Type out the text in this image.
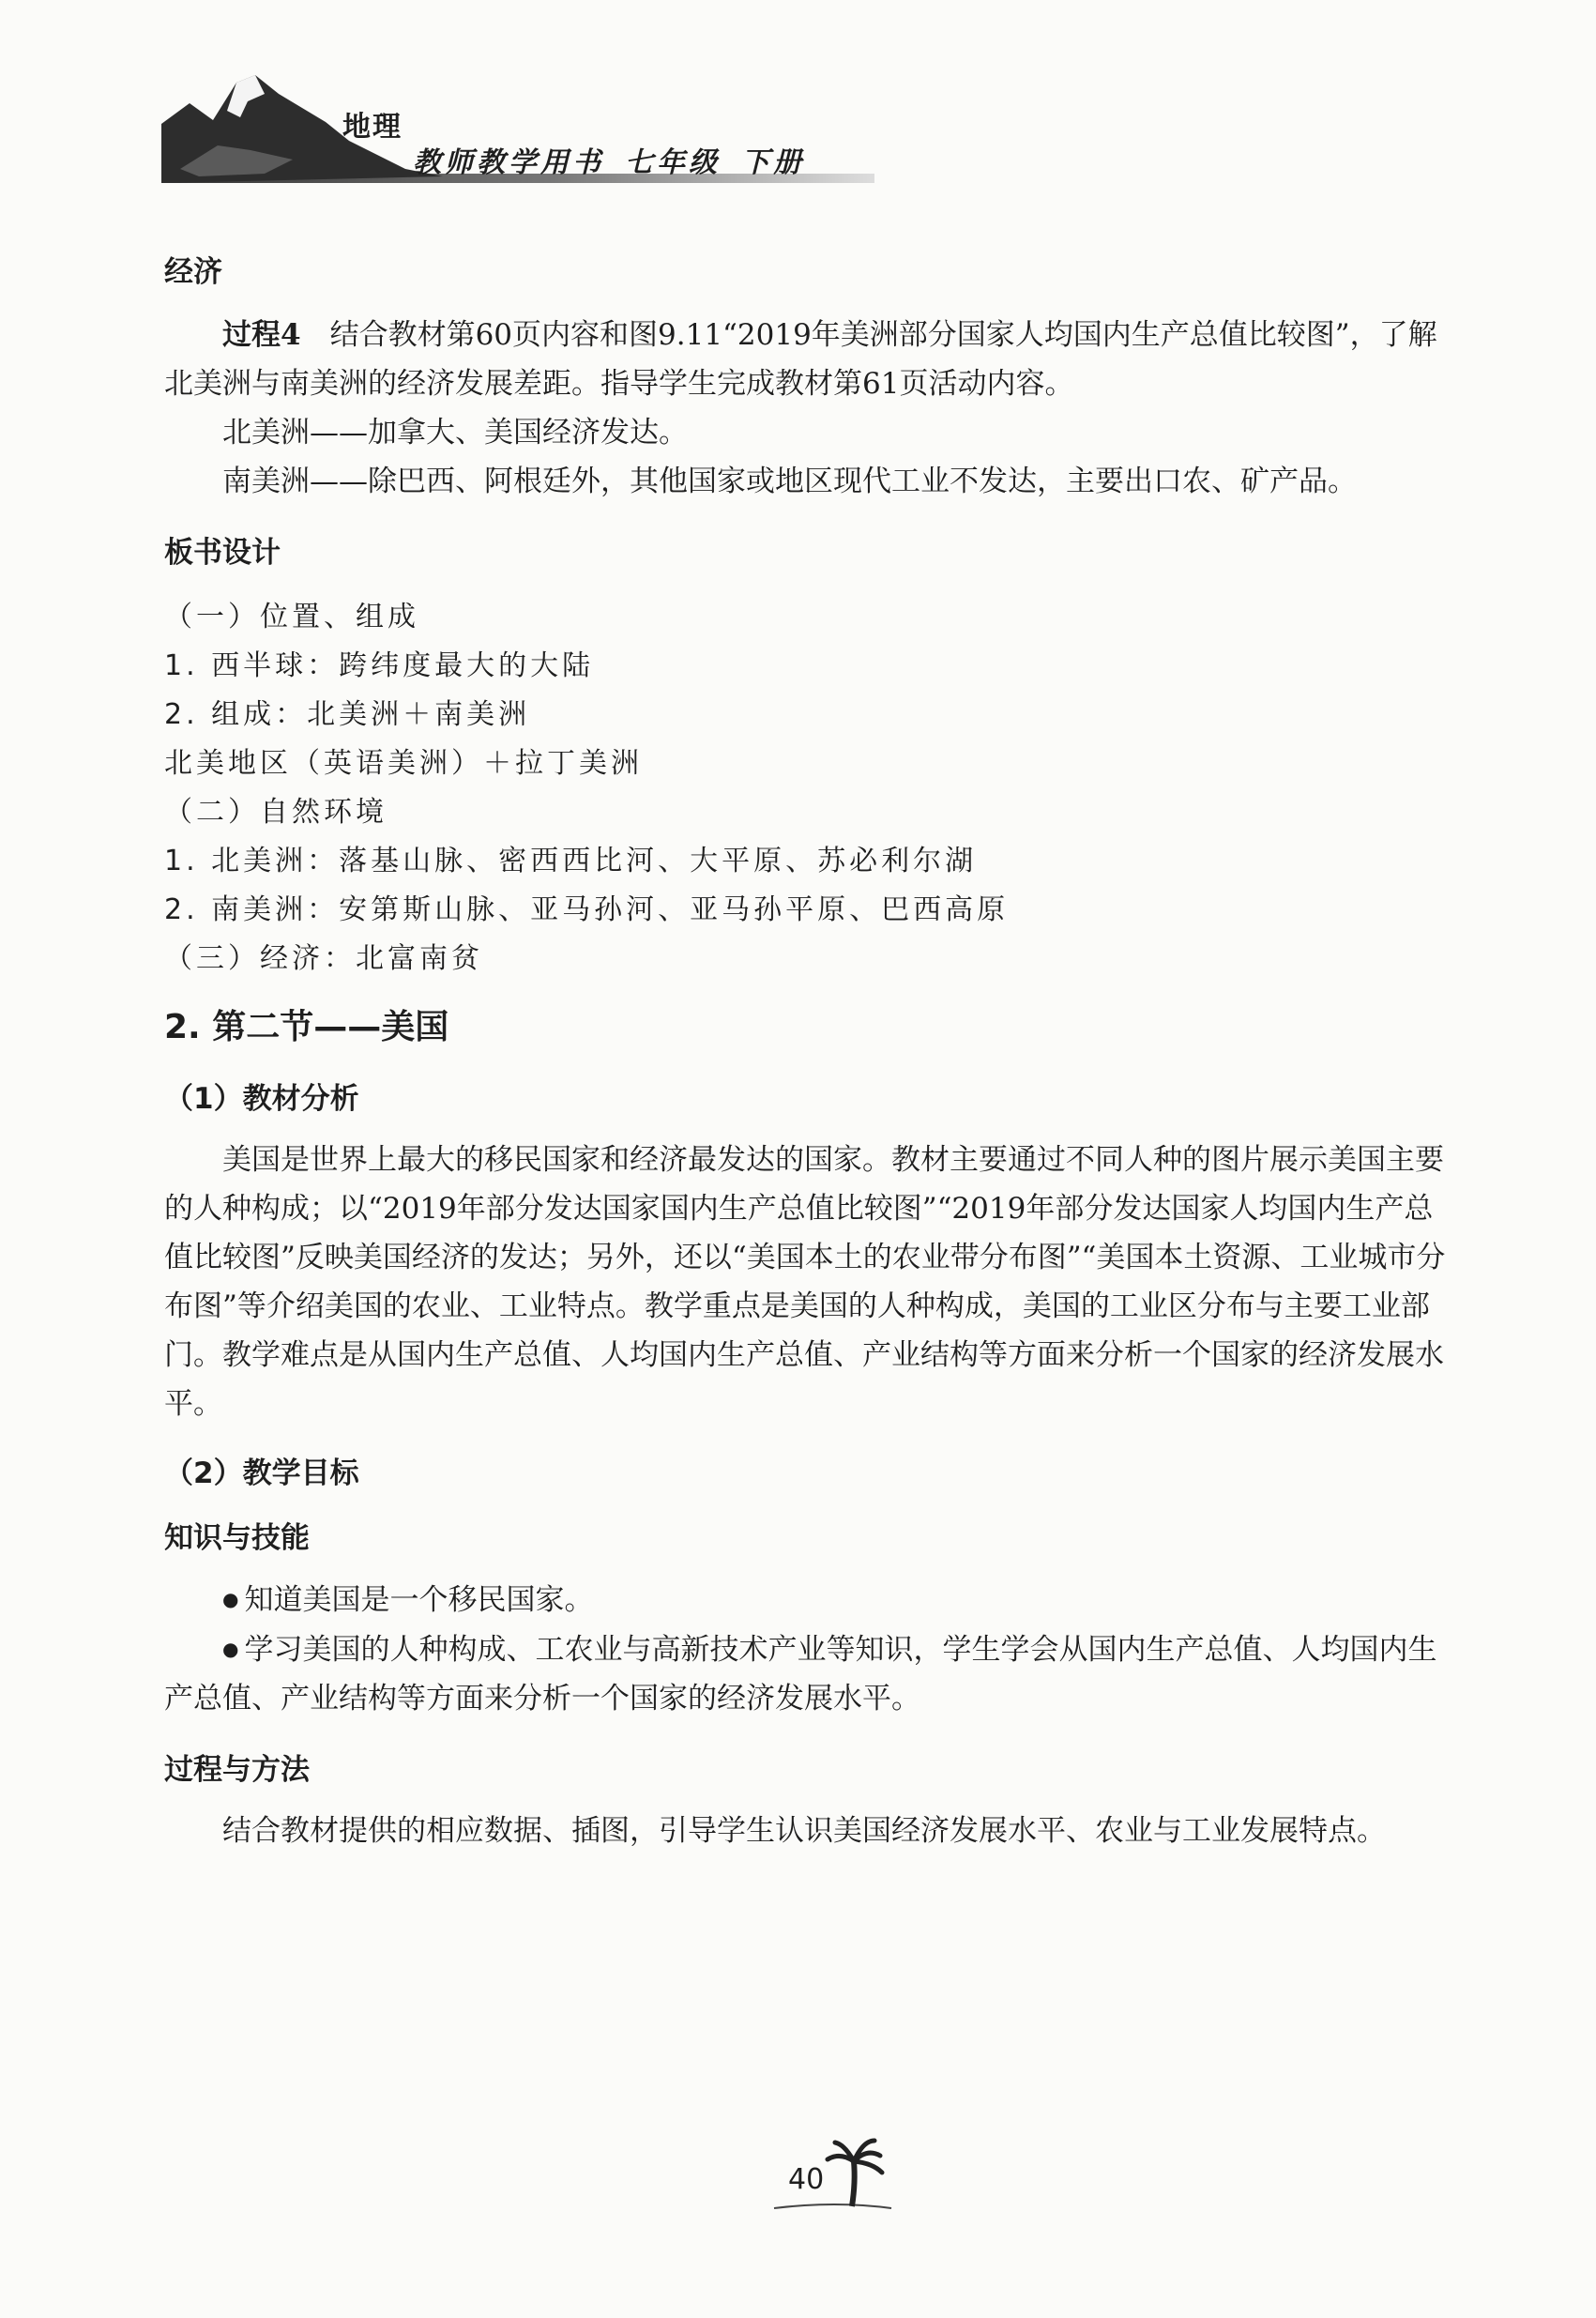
地理
教师教学用书 七年级 下册
经济

过程4　 结合教材第60页内容和图9.11“2019年美洲部分国家人均国内生产总值比较图”，了解北美洲与南美洲的经济发展差距。指导学生完成教材第61页活动内容。

北美洲——加拿大、美国经济发达。

南美洲——除巴西、阿根廷外，其他国家或地区现代工业不发达，主要出口农、矿产品。

板书设计

（一）位置、组成

1. 西半球：跨纬度最大的大陆

2. 组成：北美洲＋南美洲

北美地区（英语美洲）＋拉丁美洲

（二）自然环境

1. 北美洲：落基山脉、密西西比河、大平原、苏必利尔湖

2. 南美洲：安第斯山脉、亚马孙河、亚马孙平原、巴西高原

（三）经济：北富南贫

2. 第二节——美国
（1）教材分析

美国是世界上最大的移民国家和经济最发达的国家。教材主要通过不同人种的图片展示美国主要的人种构成；以“2019年部分发达国家国内生产总值比较图”“2019年部分发达国家人均国内生产总值比较图”反映美国经济的发达；另外，还以“美国本土的农业带分布图”“美国本土资源、工业城市分布图”等介绍美国的农业、工业特点。教学重点是美国的人种构成，美国的工业区分布与主要工业部门。教学难点是从国内生产总值、人均国内生产总值、产业结构等方面来分析一个国家的经济发展水平。

（2）教学目标
知识与技能

● 知道美国是一个移民国家。

● 学习美国的人种构成、工农业与高新技术产业等知识，学生学会从国内生产总值、人均国内生产总值、产业结构等方面来分析一个国家的经济发展水平。

过程与方法

结合教材提供的相应数据、插图，引导学生认识美国经济发展水平、农业与工业发展特点。

40
